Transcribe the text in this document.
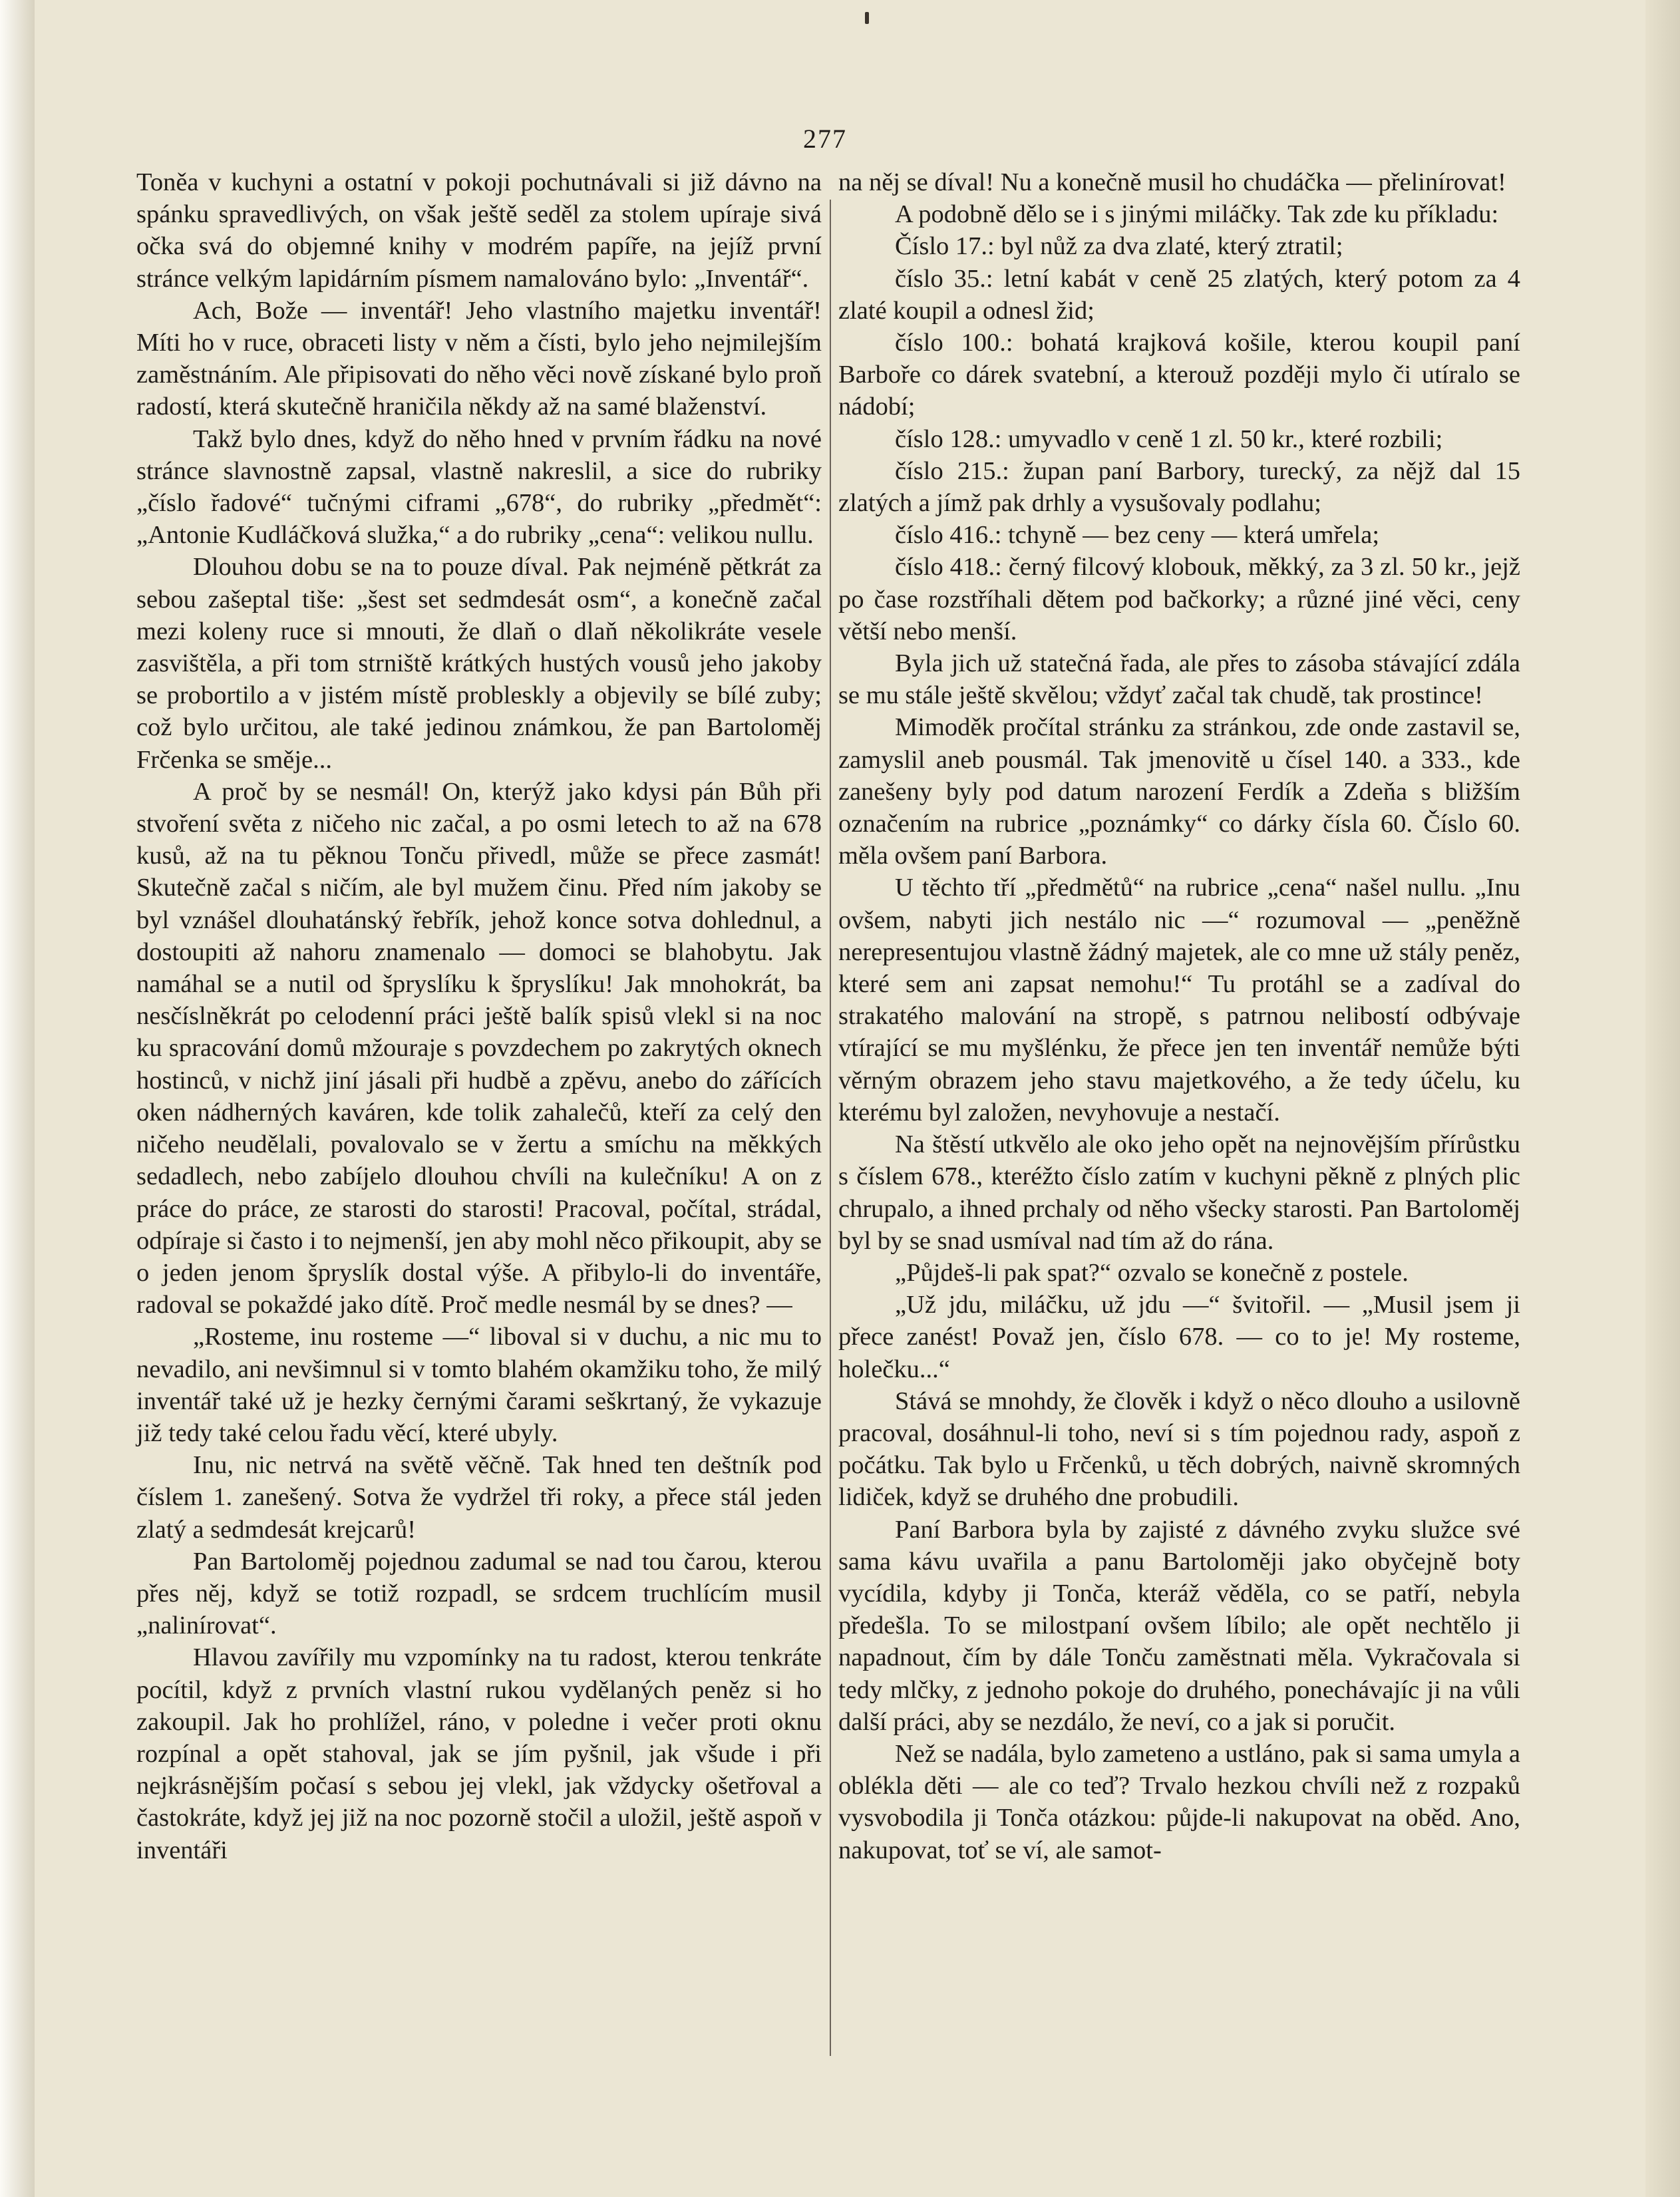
277

Toněa v kuchyni a ostatní v pokoji pochutnávali si již dávno na spánku spravedlivých, on však ještě seděl za stolem upíraje sivá očka svá do objemné knihy v modrém papíře, na jejíž první stránce velkým lapidárním písmem namalováno bylo: „Inventář“.

Ach, Bože — inventář! Jeho vlastního majetku inventář! Míti ho v ruce, obraceti listy v něm a čísti, bylo jeho nejmilejším zaměstnáním. Ale připisovati do něho věci nově získané bylo proň radostí, která skutečně hraničila někdy až na samé blaženství.

Takž bylo dnes, když do něho hned v prvním řádku na nové stránce slavnostně zapsal, vlastně nakreslil, a sice do rubriky „číslo řadové“ tučnými ciframi „678“, do rubriky „předmět“: „Antonie Kudláčková služka,“ a do rubriky „cena“: velikou nullu.

Dlouhou dobu se na to pouze díval. Pak nejméně pětkrát za sebou zašeptal tiše: „šest set sedmdesát osm“, a konečně začal mezi koleny ruce si mnouti, že dlaň o dlaň několikráte vesele zasvištěla, a při tom strniště krátkých hustých vousů jeho jakoby se probortilo a v jistém místě probleskly a objevily se bílé zuby; což bylo určitou, ale také jedinou známkou, že pan Bartoloměj Frčenka se směje...

A proč by se nesmál! On, kterýž jako kdysi pán Bůh při stvoření světa z ničeho nic začal, a po osmi letech to až na 678 kusů, až na tu pěknou Tonču přivedl, může se přece zasmát! Skutečně začal s ničím, ale byl mužem činu. Před ním jakoby se byl vznášel dlouhatánský řebřík, jehož konce sotva dohlednul, a dostoupiti až nahoru znamenalo — domoci se blahobytu. Jak namáhal se a nutil od špryslíku k špryslíku! Jak mnohokrát, ba nesčíslněkrát po celodenní práci ještě balík spisů vlekl si na noc ku spracování domů mžouraje s povzdechem po zakrytých oknech hostinců, v nichž jiní jásali při hudbě a zpěvu, anebo do zářících oken nádherných kaváren, kde tolik zahalečů, kteří za celý den ničeho neudělali, povalovalo se v žertu a smíchu na měkkých sedadlech, nebo zabíjelo dlouhou chvíli na kulečníku! A on z práce do práce, ze starosti do starosti! Pracoval, počítal, strádal, odpíraje si často i to nejmenší, jen aby mohl něco přikoupit, aby se o jeden jenom špryslík dostal výše. A přibylo-li do inventáře, radoval se pokaždé jako dítě. Proč medle nesmál by se dnes? —

„Rosteme, inu rosteme —“ liboval si v duchu, a nic mu to nevadilo, ani nevšimnul si v tomto blahém okamžiku toho, že milý inventář také už je hezky černými čarami seškrtaný, že vykazuje již tedy také celou řadu věcí, které ubyly.

Inu, nic netrvá na světě věčně. Tak hned ten deštník pod číslem 1. zanešený. Sotva že vydržel tři roky, a přece stál jeden zlatý a sedmdesát krejcarů!

Pan Bartoloměj pojednou zadumal se nad tou čarou, kterou přes něj, když se totiž rozpadl, se srdcem truchlícím musil „nalinírovat“.

Hlavou zavířily mu vzpomínky na tu radost, kterou tenkráte pocítil, když z prvních vlastní rukou vydělaných peněz si ho zakoupil. Jak ho prohlížel, ráno, v poledne i večer proti oknu rozpínal a opět stahoval, jak se jím pyšnil, jak všude i při nejkrásnějším počasí s sebou jej vlekl, jak vždycky ošetřoval a častokráte, když jej již na noc pozorně stočil a uložil, ještě aspoň v inventáři

na něj se díval! Nu a konečně musil ho chudáčka — přelinírovat!

A podobně dělo se i s jinými miláčky. Tak zde ku příkladu:

Číslo 17.: byl nůž za dva zlaté, který ztratil;

číslo 35.: letní kabát v ceně 25 zlatých, který potom za 4 zlaté koupil a odnesl žid;

číslo 100.: bohatá krajková košile, kterou koupil paní Barboře co dárek svatební, a kterouž později mylo či utíralo se nádobí;

číslo 128.: umyvadlo v ceně 1 zl. 50 kr., které rozbili;

číslo 215.: župan paní Barbory, turecký, za nějž dal 15 zlatých a jímž pak drhly a vysušovaly podlahu;

číslo 416.: tchyně — bez ceny — která umřela;

číslo 418.: černý filcový klobouk, měkký, za 3 zl. 50 kr., jejž po čase rozstříhali dětem pod bačkorky; a různé jiné věci, ceny větší nebo menší.

Byla jich už statečná řada, ale přes to zásoba stávající zdála se mu stále ještě skvělou; vždyť začal tak chudě, tak prostince!

Mimoděk pročítal stránku za stránkou, zde onde zastavil se, zamyslil aneb pousmál. Tak jmenovitě u čísel 140. a 333., kde zanešeny byly pod datum narození Ferdík a Zdeňa s bližším označením na rubrice „poznámky“ co dárky čísla 60. Číslo 60. měla ovšem paní Barbora.

U těchto tří „předmětů“ na rubrice „cena“ našel nullu. „Inu ovšem, nabyti jich nestálo nic —“ rozumoval — „peněžně nerepresentujou vlastně žádný majetek, ale co mne už stály peněz, které sem ani zapsat nemohu!“ Tu protáhl se a zadíval do strakatého malování na stropě, s patrnou nelibostí odbývaje vtírající se mu myšlénku, že přece jen ten inventář nemůže býti věrným obrazem jeho stavu majetkového, a že tedy účelu, ku kterému byl založen, nevyhovuje a nestačí.

Na štěstí utkvělo ale oko jeho opět na nejnovějším přírůstku s číslem 678., kteréžto číslo zatím v kuchyni pěkně z plných plic chrupalo, a ihned prchaly od něho všecky starosti. Pan Bartoloměj byl by se snad usmíval nad tím až do rána.

„Půjdeš-li pak spat?“ ozvalo se konečně z postele.

„Už jdu, miláčku, už jdu —“ švitořil. — „Musil jsem ji přece zanést! Považ jen, číslo 678. — co to je! My rosteme, holečku...“

Stává se mnohdy, že člověk i když o něco dlouho a usilovně pracoval, dosáhnul-li toho, neví si s tím pojednou rady, aspoň z počátku. Tak bylo u Frčenků, u těch dobrých, naivně skromných lidiček, když se druhého dne probudili.

Paní Barbora byla by zajisté z dávného zvyku služce své sama kávu uvařila a panu Bartoloměji jako obyčejně boty vycídila, kdyby ji Tonča, kteráž věděla, co se patří, nebyla předešla. To se milostpaní ovšem líbilo; ale opět nechtělo ji napadnout, čím by dále Tonču zaměstnati měla. Vykračovala si tedy mlčky, z jednoho pokoje do druhého, ponechávajíc ji na vůli další práci, aby se nezdálo, že neví, co a jak si poručit.

Než se nadála, bylo zameteno a ustláno, pak si sama umyla a oblékla děti — ale co teď? Trvalo hezkou chvíli než z rozpaků vysvobodila ji Tonča otázkou: půjde-li nakupovat na oběd. Ano, nakupovat, toť se ví, ale samot-
